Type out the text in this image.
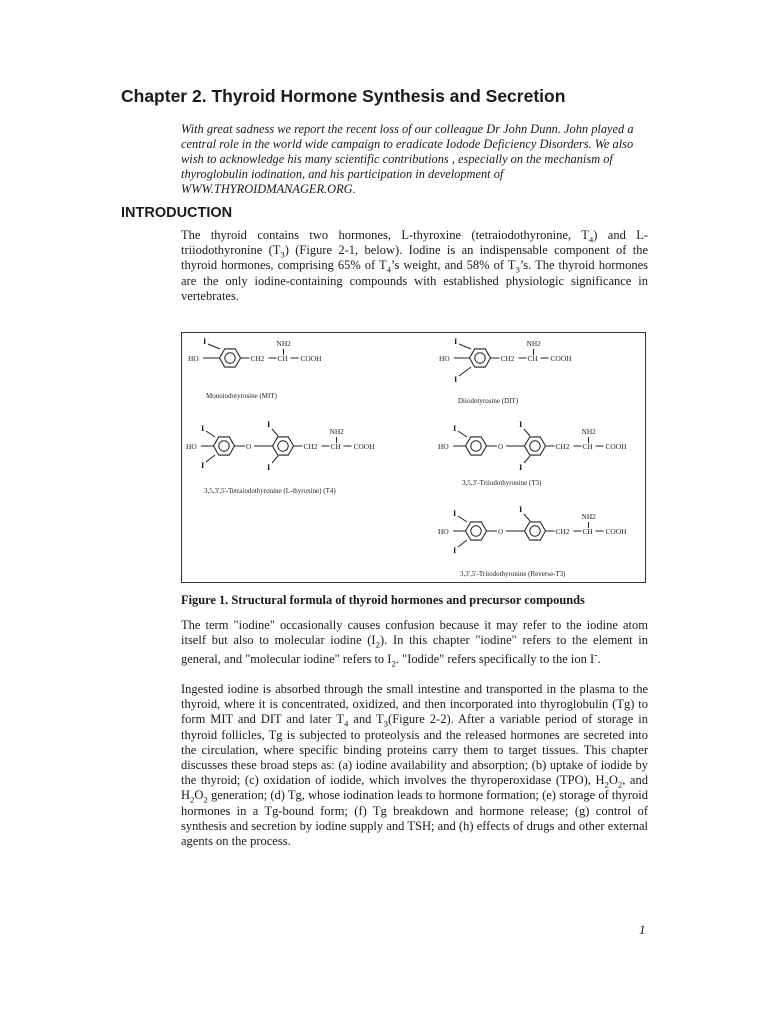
Chapter 2. Thyroid Hormone Synthesis and Secretion

With great sadness we report the recent loss of our colleague Dr John Dunn. John played a central role in the world wide campaign to eradicate Iodode Deficiency Disorders. We also wish to acknowledge his many scientific contributions , especially on the mechanism of thyroglobulin iodination, and his participation in development of WWW.THYROIDMANAGER.ORG.

INTRODUCTION

The thyroid contains two hormones, L-thyroxine (tetraiodothyronine, $T_4$) and L-triiodothyronine $(T_3)$ (Figure 2-1, below). Iodine is an indispensable component of the thyroid hormones, comprising 65% of $T_4’s$ weight, and 58% of $T_3’s$. The thyroid hormones are the only iodine-containing compounds with established physiologic significance in vertebrates.

HO
I
CH2 CH
NH2
COOH
Monoiodotyrosine (MIT)
HO
I
I
CH2 CH
NH2
COOH
Diiodotyrosine (DIT)
HO	O
I
I
I
I
CH2 CH
NH2
COOH
3,5,3',5'-Tetraiodothyronine (L-thyroxine) (T4)
HO	O
I	I
I
CH2 CH
NH2
COOH
3,5,3'-Triiodothyronine (T3)
HO	O
I
I
I
CH2 CH
NH2
COOH
3,3',5'-Triiodothyronine (Reverse-T3)

Figure 1. Structural formula of thyroid hormones and precursor compounds

The term "iodine" occasionally causes confusion because it may refer to the iodine atom itself but also to molecular iodine $(I_2)$. In this chapter "iodine" refers to the element in general, and "molecular iodine" refers to $I_2$. "Iodide" refers specifically to the ion I-.

Ingested iodine is absorbed through the small intestine and transported in the plasma to the thyroid, where it is concentrated, oxidized, and then incorporated into thyroglobulin (Tg) to form MIT and DIT and later $T_4$ and $T_3(Figure$ 2-2). After a variable period of storage in thyroid follicles, Tg is subjected to proteolysis and the released hormones are secreted into the circulation, where specific binding proteins carry them to target tissues. This chapter discusses these broad steps as: (a) iodine availability and absorption; (b) uptake of iodide by the thyroid; (c) oxidation of iodide, which involves the thyroperoxidase (TPO), $H_2O_2$, and $H_2O_2$ generation; (d) Tg, whose iodination leads to hormone formation; (e) storage of thyroid hormones in a Tg-bound form; (f) Tg breakdown and hormone release; (g) control of synthesis and secretion by iodine supply and TSH; and (h) effects of drugs and other external agents on the process.

1
